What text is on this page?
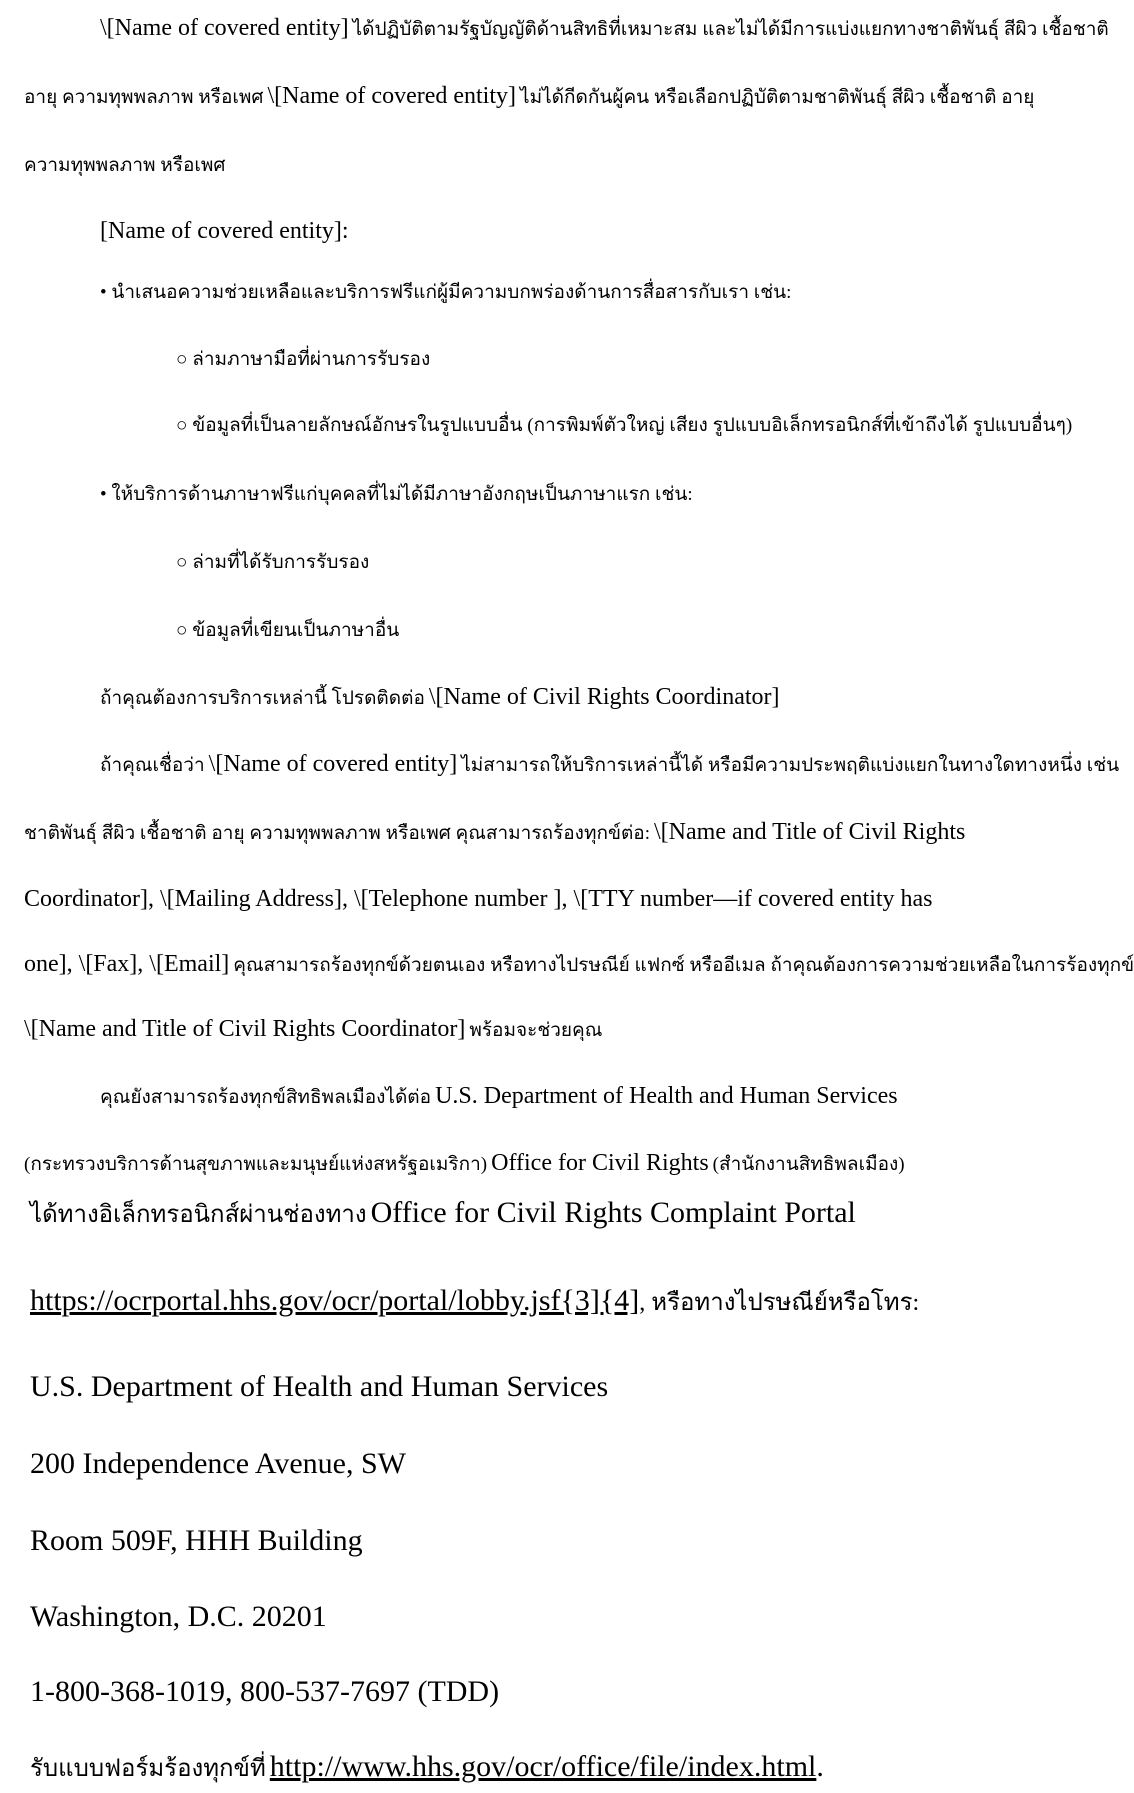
\[Name of covered entity] ได้ปฏิบัติตามรัฐบัญญัติด้านสิทธิที่เหมาะสม และไม่ได้มีการแบ่งแยกทางชาติพันธุ์ สีผิว เชื้อชาติ
อายุ ความทุพพลภาพ หรือเพศ \[Name of covered entity] ไม่ได้กีดกันผู้คน หรือเลือกปฏิบัติตามชาติพันธุ์ สีผิว เชื้อชาติ อายุ
ความทุพพลภาพ หรือเพศ
[Name of covered entity]:
• นำเสนอความช่วยเหลือและบริการฟรีแก่ผู้มีความบกพร่องด้านการสื่อสารกับเรา เช่น:
○ ล่ามภาษามือที่ผ่านการรับรอง
○ ข้อมูลที่เป็นลายลักษณ์อักษรในรูปแบบอื่น (การพิมพ์ตัวใหญ่ เสียง รูปแบบอิเล็กทรอนิกส์ที่เข้าถึงได้ รูปแบบอื่นๆ)
• ให้บริการด้านภาษาฟรีแก่บุคคลที่ไม่ได้มีภาษาอังกฤษเป็นภาษาแรก เช่น:
○ ล่ามที่ได้รับการรับรอง
○ ข้อมูลที่เขียนเป็นภาษาอื่น
ถ้าคุณต้องการบริการเหล่านี้ โปรดติดต่อ \[Name of Civil Rights Coordinator]
ถ้าคุณเชื่อว่า \[Name of covered entity] ไม่สามารถให้บริการเหล่านี้ได้ หรือมีความประพฤติแบ่งแยกในทางใดทางหนึ่ง เช่น
ชาติพันธุ์ สีผิว เชื้อชาติ อายุ ความทุพพลภาพ หรือเพศ คุณสามารถร้องทุกข์ต่อ: \[Name and Title of Civil Rights
Coordinator], \[Mailing Address], \[Telephone number ], \[TTY number—if covered entity has
one], \[Fax], \[Email] คุณสามารถร้องทุกข์ด้วยตนเอง หรือทางไปรษณีย์ แฟกซ์ หรืออีเมล ถ้าคุณต้องการความช่วยเหลือในการร้องทุกข์
\[Name and Title of Civil Rights Coordinator] พร้อมจะช่วยคุณ
คุณยังสามารถร้องทุกข์สิทธิพลเมืองได้ต่อ U.S. Department of Health and Human Services
(กระทรวงบริการด้านสุขภาพและมนุษย์แห่งสหรัฐอเมริกา) Office for Civil Rights (สำนักงานสิทธิพลเมือง)
ได้ทางอิเล็กทรอนิกส์ผ่านช่องทาง Office for Civil Rights Complaint Portal
https://ocrportal.hhs.gov/ocr/portal/lobby.jsf{3]{4], หรือทางไปรษณีย์หรือโทร:
U.S. Department of Health and Human Services
200 Independence Avenue, SW
Room 509F, HHH Building
Washington, D.C. 20201
1-800-368-1019, 800-537-7697 (TDD)
รับแบบฟอร์มร้องทุกข์ที่ http://www.hhs.gov/ocr/office/file/index.html.
